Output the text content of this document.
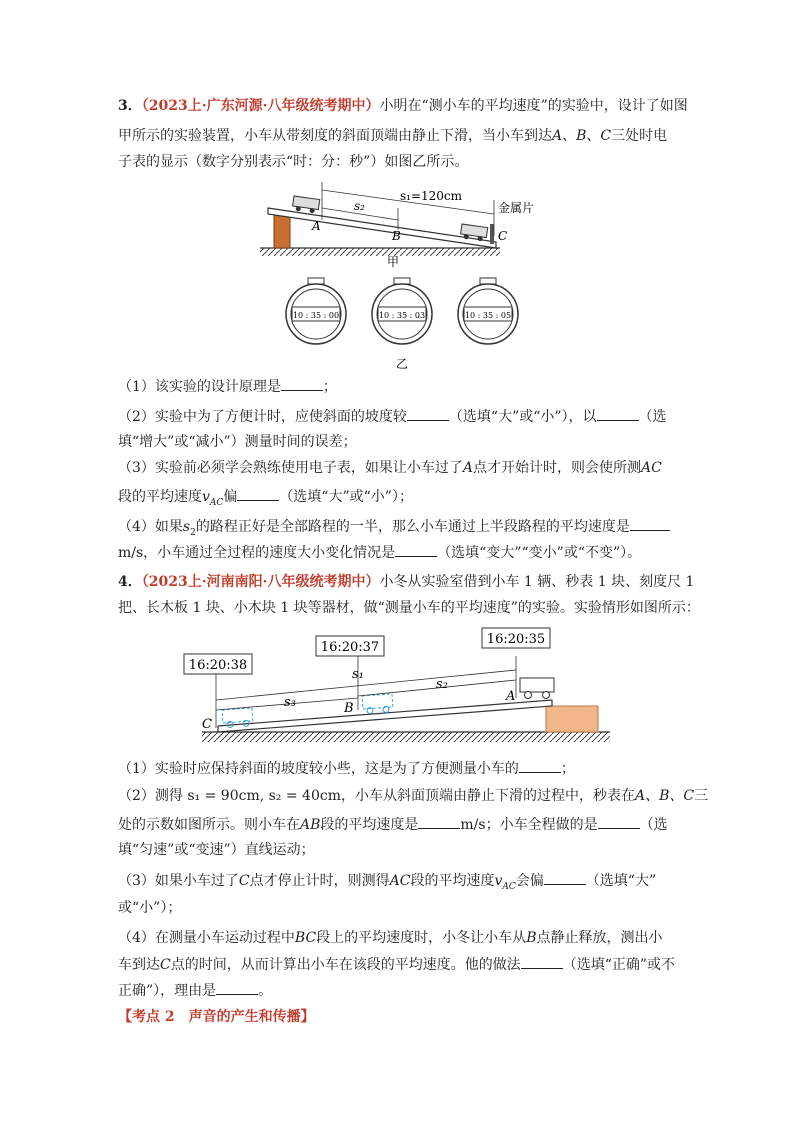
3．（2023上·广东河源·八年级统考期中）小明在“测小车的平均速度”的实验中，设计了如图
甲所示的实验装置，小车从带刻度的斜面顶端由静止下滑，当小车到达A、B、C三处时电
子表的显示（数字分别表示“时：分：秒”）如图乙所示。
s₁=120cm
s₂
A
B	C
金属片
甲
10 : 35 : 00	10 : 35 : 03	10 : 35 : 05
乙
（1）该实验的设计原理是	；
（2）实验中为了方便计时，应使斜面的坡度较	（选填“大”或“小”），以	（选
填“增大”或“减小”）测量时间的误差；
（3）实验前必须学会熟练使用电子表，如果让小车过了A点才开始计时，则会使所测AC
段的平均速度$v_{AC}$偏	（选填“大”或“小”）；
（4）如果$s_2$的路程正好是全部路程的一半，那么小车通过上半段路程的平均速度是
m/s，小车通过全过程的速度大小变化情况是	（选填“变大”“变小”或“不变”）。
4．（2023上·河南南阳·八年级统考期中）小冬从实验室借到小车 1 辆、秒表 1 块、刻度尺 1
把、长木板 1 块、小木块 1 块等器材，做“测量小车的平均速度”的实验。实验情形如图所示：
16:20:38
16:20:37
16:20:35
s₁
s₂
s₃	A
B
C
（1）实验时应保持斜面的坡度较小些，这是为了方便测量小车的	；
（2）测得 s₁ = 90cm, s₂ = 40cm，小车从斜面顶端由静止下滑的过程中，秒表在A、B、C三
处的示数如图所示。则小车在AB段的平均速度是	m/s；小车全程做的是	（选
填“匀速”或“变速”）直线运动；
（3）如果小车过了C点才停止计时，则测得AC段的平均速度$v_{AC}$会偏	（选填“大”
或“小”）；
（4）在测量小车运动过程中BC段上的平均速度时，小冬让小车从B点静止释放，测出小
车到达C点的时间，从而计算出小车在该段的平均速度。他的做法	（选填“正确”或不
正确”），理由是	。
【考点 2　声音的产生和传播】
